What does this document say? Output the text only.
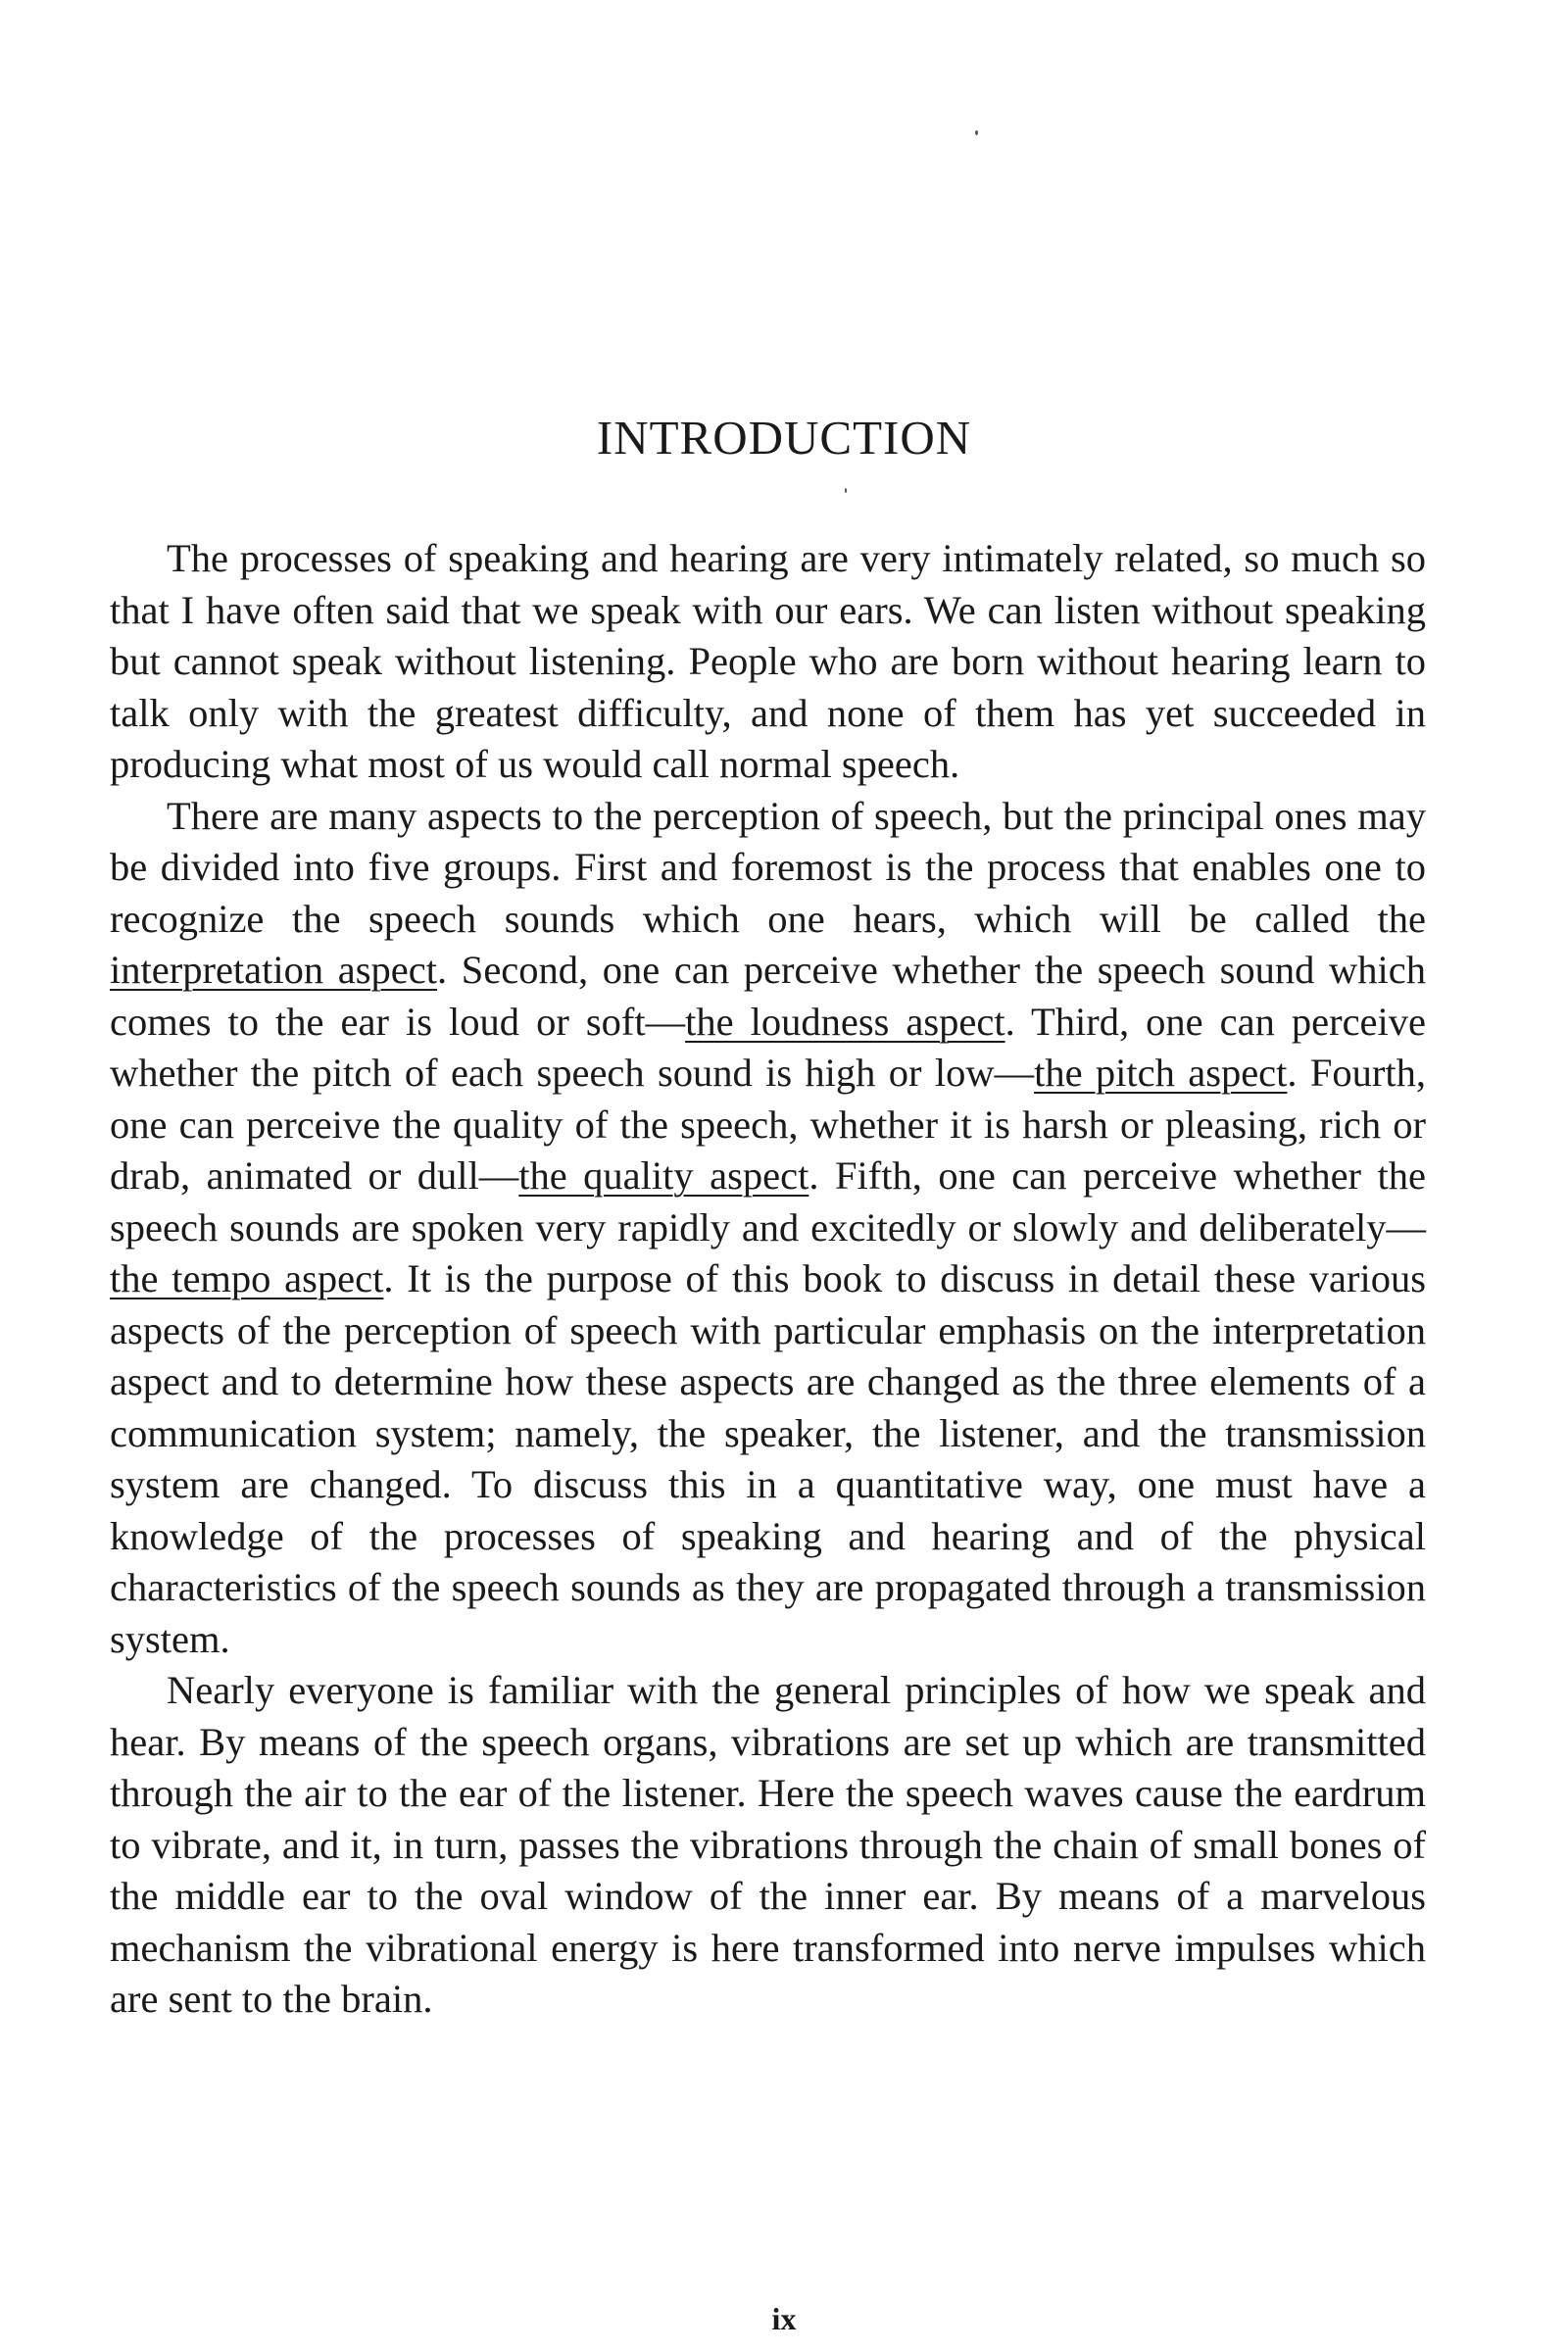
INTRODUCTION

The processes of speaking and hearing are very intimately related, so much so that I have often said that we speak with our ears. We can listen without speaking but cannot speak without listening. People who are born without hearing learn to talk only with the greatest difficulty, and none of them has yet succeeded in producing what most of us would call normal speech.

There are many aspects to the perception of speech, but the principal ones may be divided into five groups. First and foremost is the process that enables one to recognize the speech sounds which one hears, which will be called the interpretation aspect. Second, one can perceive whether the speech sound which comes to the ear is loud or soft—the loudness aspect. Third, one can perceive whether the pitch of each speech sound is high or low—the pitch aspect. Fourth, one can perceive the quality of the speech, whether it is harsh or pleasing, rich or drab, animated or dull—the quality aspect. Fifth, one can perceive whether the speech sounds are spoken very rapidly and excitedly or slowly and deliberately—the tempo aspect. It is the purpose of this book to discuss in detail these various aspects of the perception of speech with particular emphasis on the interpretation aspect and to determine how these aspects are changed as the three elements of a communication system; namely, the speaker, the listener, and the transmission system are changed. To discuss this in a quantitative way, one must have a knowledge of the processes of speaking and hearing and of the physical characteristics of the speech sounds as they are propagated through a transmission system.

Nearly everyone is familiar with the general principles of how we speak and hear. By means of the speech organs, vibrations are set up which are transmitted through the air to the ear of the listener. Here the speech waves cause the eardrum to vibrate, and it, in turn, passes the vibrations through the chain of small bones of the middle ear to the oval window of the inner ear. By means of a marvelous mechanism the vibrational energy is here transformed into nerve impulses which are sent to the brain.

ix
